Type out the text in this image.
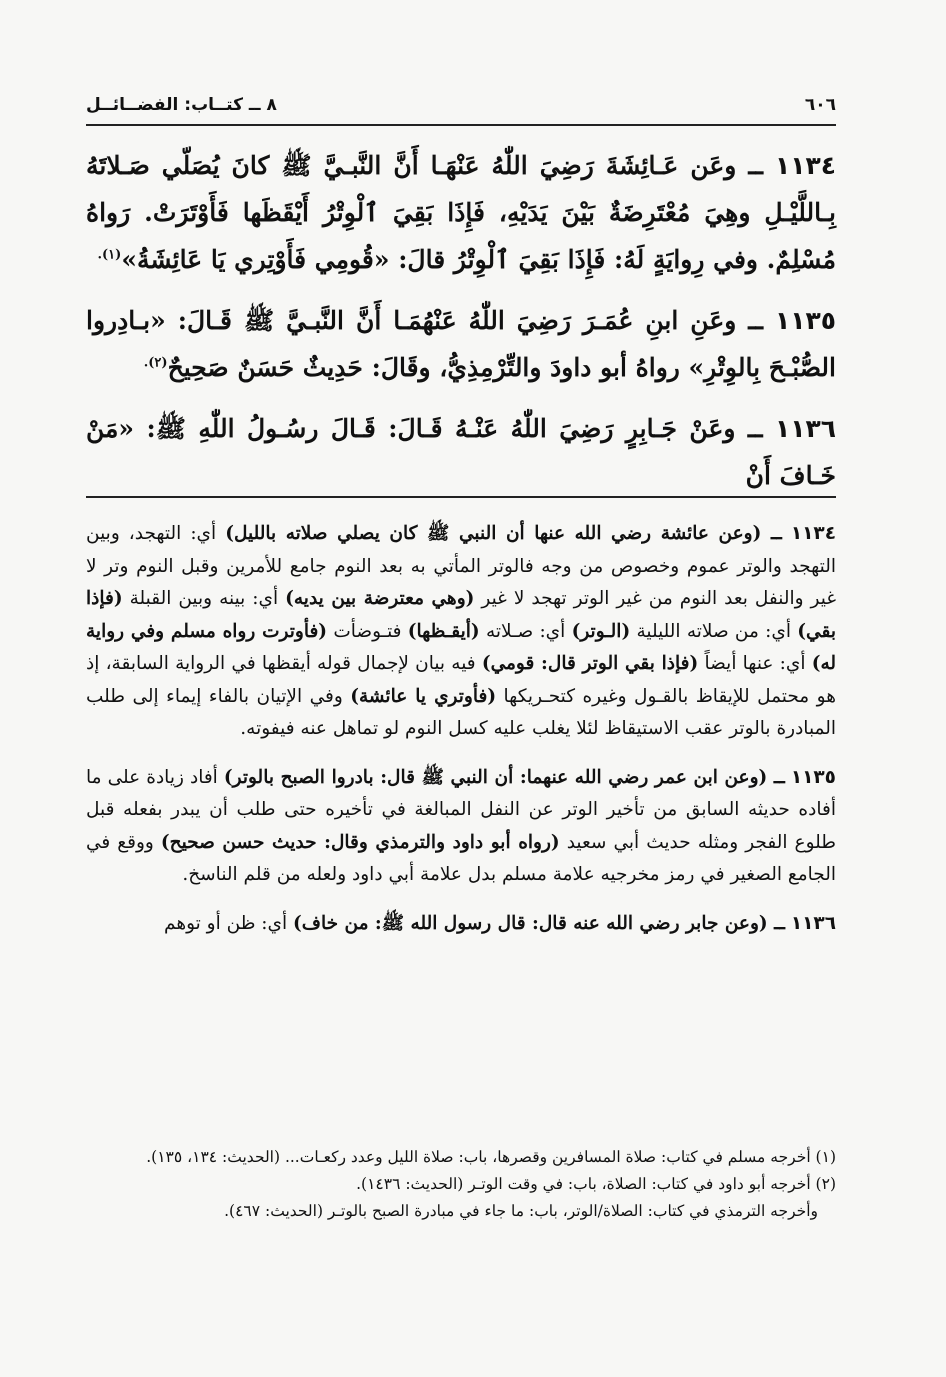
٦٠٦
٨ ــ كتــاب: الفضــائــل

١١٣٤ ــ وعَن عَـائِشَةَ رَضِيَ اللّٰهُ عَنْهَـا أَنَّ النَّبـيَّ ﷺ كانَ يُصَلّي صَـلاتَهُ بِـاللَّيْـلِ وهِيَ مُعْتَرِضَةٌ بَيْنَ يَدَيْهِ، فَإِذَا بَقِيَ ٱلْوِتْرُ أَيْقَظَها فَأَوْتَرَتْ. رَواهُ مُسْلِمٌ. وفي رِوايَةٍ لَهُ: فَإِذَا بَقِيَ ٱلْوِتْرُ قالَ: «قُومِي فَأَوْتِري يَا عَائِشَةُ»$^{(١).}$

١١٣٥ ــ وعَنِ ابنِ عُمَـرَ رَضِيَ اللّٰهُ عَنْهُمَـا أَنَّ النَّبـيَّ ﷺ قَـالَ: «بـادِروا الصُّبْـحَ بِالوِتْرِ» رواهُ أبو داودَ والتِّرْمِذِيُّ، وقَالَ: حَدِيثٌ حَسَنٌ صَحِيحٌ$^{(٢).}$

١١٣٦ ــ وعَنْ جَـابِرٍ رَضِيَ اللّٰهُ عَنْـهُ قَـالَ: قَـالَ رسُـولُ اللّٰهِ ﷺ: «مَنْ خَـافَ أَنْ

١١٣٤ ــ (وعن عائشة رضي الله عنها أن النبي ﷺ كان يصلي صلاته بالليل) أي: التهجد، وبين التهجد والوتر عموم وخصوص من وجه فالوتر المأتي به بعد النوم جامع للأمرين وقبل النوم وتر لا غير والنفل بعد النوم من غير الوتر تهجد لا غير (وهي معترضة بين يديه) أي: بينه وبين القبلة (فإذا بقي) أي: من صلاته الليلية (الـوتر) أي: صـلاته (أيقـظها) فتـوضأت (فأوترت رواه مسلم وفي رواية له) أي: عنها أيضاً (فإذا بقي الوتر قال: قومي) فيه بيان لإجمال قوله أيقظها في الرواية السابقة، إذ هو محتمل للإيقاظ بالقـول وغيره كتحـريكها (فأوتري يا عائشة) وفي الإتيان بالفاء إيماء إلى طلب المبادرة بالوتر عقب الاستيقاظ لئلا يغلب عليه كسل النوم لو تماهل عنه فيفوته.

١١٣٥ ــ (وعن ابن عمر رضي الله عنهما: أن النبي ﷺ قال: بادروا الصبح بالوتر) أفاد زيادة على ما أفاده حديثه السابق من تأخير الوتر عن النفل المبالغة في تأخيره حتى طلب أن يبدر بفعله قبل طلوع الفجر ومثله حديث أبي سعيد (رواه أبو داود والترمذي وقال: حديث حسن صحيح) ووقع في الجامع الصغير في رمز مخرجيه علامة مسلم بدل علامة أبي داود ولعله من قلم الناسخ.

١١٣٦ ــ (وعن جابر رضي الله عنه قال: قال رسول الله ﷺ: من خاف) أي: ظن أو توهم

(١) أخرجه مسلم في كتاب: صلاة المسافرين وقصرها، باب: صلاة الليل وعدد ركعـات... (الحديث: ١٣٤، ١٣٥).

(٢) أخرجه أبو داود في كتاب: الصلاة، باب: في وقت الوتـر (الحديث: ١٤٣٦).

وأخرجه الترمذي في كتاب: الصلاة/الوتر، باب: ما جاء في مبادرة الصبح بالوتـر (الحديث: ٤٦٧).
